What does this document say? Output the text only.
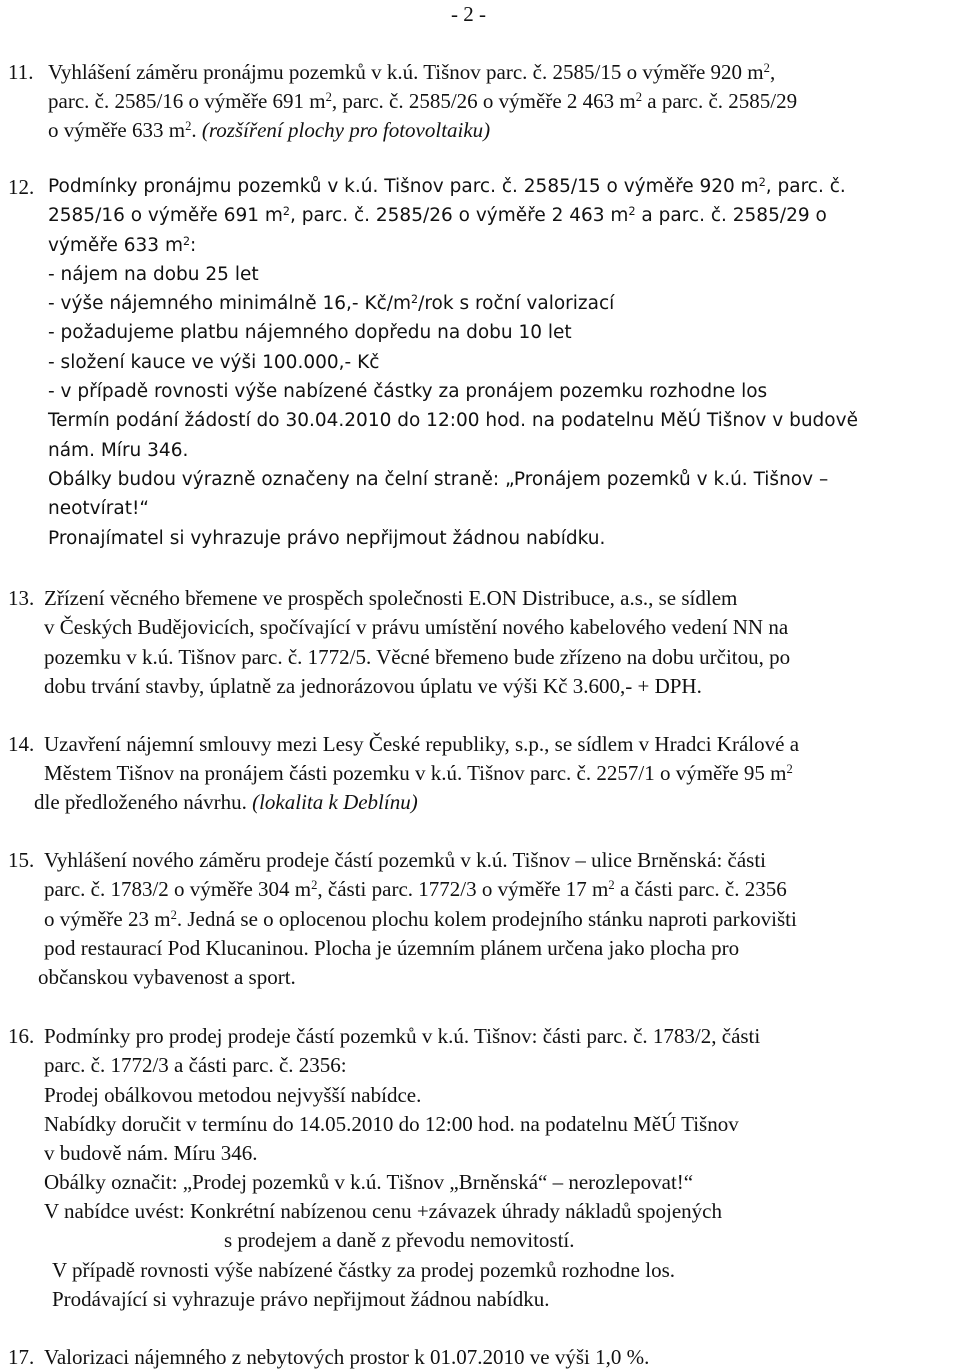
- 2 -
11. Vyhlášení záměru pronájmu pozemků v k.ú. Tišnov parc. č. 2585/15 o výměře 920 $m^2$,
parc. č. 2585/16 o výměře 691 $m^2$, parc. č. 2585/26 o výměře 2 463 $m^2$ a parc. č. 2585/29
o výměře 633 $m^2$. (rozšíření plochy pro fotovoltaiku)
12. Podmínky pronájmu pozemků v k.ú. Tišnov parc. č. 2585/15 o výměře 920 $m^2$, parc. č.
2585/16 o výměře 691 $m^2$, parc. č. 2585/26 o výměře 2 463 $m^2$ a parc. č. 2585/29 o
výměře 633 $m^2$:
- nájem na dobu 25 let
- výše nájemného minimálně 16,- $Kč/m^2$/rok s roční valorizací
- požadujeme platbu nájemného dopředu na dobu 10 let
- složení kauce ve výši 100.000,- Kč
- v případě rovnosti výše nabízené částky za pronájem pozemku rozhodne los
Termín podání žádostí do 30.04.2010 do 12:00 hod. na podatelnu MěÚ Tišnov v budově
nám. Míru 346.
Obálky budou výrazně označeny na čelní straně: „Pronájem pozemků v k.ú. Tišnov –
neotvírat!“
Pronajímatel si vyhrazuje právo nepřijmout žádnou nabídku.
13. Zřízení věcného břemene ve prospěch společnosti E.ON Distribuce, a.s., se sídlem
v Českých Budějovicích, spočívající v právu umístění nového kabelového vedení NN na
pozemku v k.ú. Tišnov parc. č. 1772/5. Věcné břemeno bude zřízeno na dobu určitou, po
dobu trvání stavby, úplatně za jednorázovou úplatu ve výši Kč 3.600,- + DPH.
14. Uzavření nájemní smlouvy mezi Lesy České republiky, s.p., se sídlem v Hradci Králové a
Městem Tišnov na pronájem části pozemku v k.ú. Tišnov parc. č. 2257/1 o výměře 95 $m^2$
dle předloženého návrhu. (lokalita k Deblínu)
15. Vyhlášení nového záměru prodeje částí pozemků v k.ú. Tišnov – ulice Brněnská: části
parc. č. 1783/2 o výměře 304 $m^2$, části parc. 1772/3 o výměře 17 $m^2$ a části parc. č. 2356
o výměře 23 $m^2$. Jedná se o oplocenou plochu kolem prodejního stánku naproti parkovišti
pod restaurací Pod Klucaninou. Plocha je územním plánem určena jako plocha pro
občanskou vybavenost a sport.
16. Podmínky pro prodej prodeje částí pozemků v k.ú. Tišnov: části parc. č. 1783/2, části
parc. č. 1772/3 a části parc. č. 2356:
Prodej obálkovou metodou nejvyšší nabídce.
Nabídky doručit v termínu do 14.05.2010 do 12:00 hod. na podatelnu MěÚ Tišnov
v budově nám. Míru 346.
Obálky označit: „Prodej pozemků v k.ú. Tišnov „Brněnská“ – nerozlepovat!“
V nabídce uvést: Konkrétní nabízenou cenu +závazek úhrady nákladů spojených
s prodejem a daně z převodu nemovitostí.
V případě rovnosti výše nabízené částky za prodej pozemků rozhodne los.
Prodávající si vyhrazuje právo nepřijmout žádnou nabídku.
17. Valorizaci nájemného z nebytových prostor k 01.07.2010 ve výši 1,0 %.
